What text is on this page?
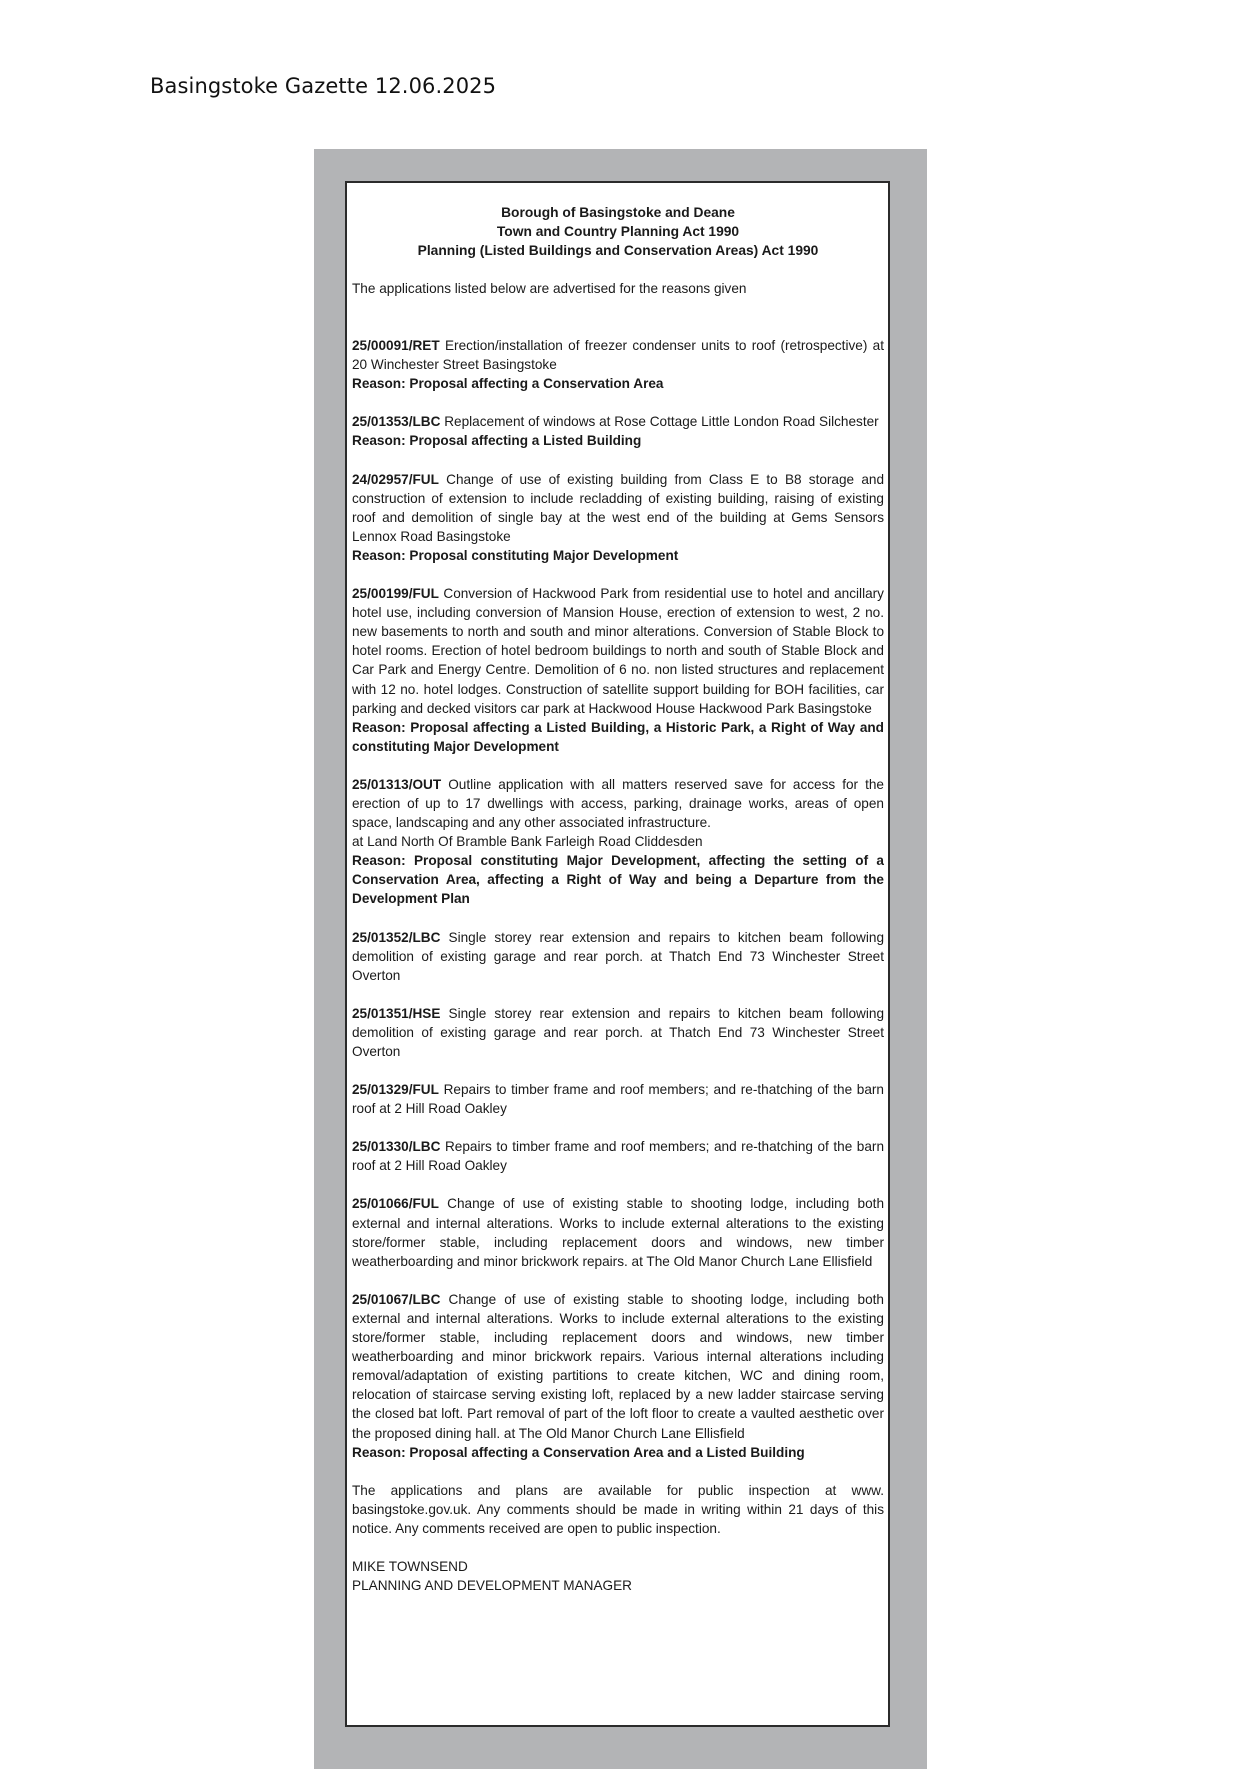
Basingstoke Gazette 12.06.2025
Borough of Basingstoke and Deane
Town and Country Planning Act 1990
Planning (Listed Buildings and Conservation Areas) Act 1990
The applications listed below are advertised for the reasons given
25/00091/RET Erection/installation of freezer condenser units to roof (retrospective) at 20 Winchester Street Basingstoke
Reason: Proposal affecting a Conservation Area
25/01353/LBC Replacement of windows at Rose Cottage Little London Road Silchester
Reason: Proposal affecting a Listed Building
24/02957/FUL Change of use of existing building from Class E to B8 storage and construction of extension to include recladding of existing building, raising of existing roof and demolition of single bay at the west end of the building at Gems Sensors Lennox Road Basingstoke
Reason: Proposal constituting Major Development
25/00199/FUL Conversion of Hackwood Park from residential use to hotel and ancillary hotel use, including conversion of Mansion House, erection of extension to west, 2 no. new basements to north and south and minor alterations. Conversion of Stable Block to hotel rooms. Erection of hotel bedroom buildings to north and south of Stable Block and Car Park and Energy Centre. Demolition of 6 no. non listed structures and replacement with 12 no. hotel lodges. Construction of satellite support building for BOH facilities, car parking and decked visitors car park at Hackwood House Hackwood Park Basingstoke
Reason: Proposal affecting a Listed Building, a Historic Park, a Right of Way and constituting Major Development
25/01313/OUT Outline application with all matters reserved save for access for the erection of up to 17 dwellings with access, parking, drainage works, areas of open space, landscaping and any other associated infrastructure.
at Land North Of Bramble Bank Farleigh Road Cliddesden
Reason: Proposal constituting Major Development, affecting the setting of a Conservation Area, affecting a Right of Way and being a Departure from the Development Plan
25/01352/LBC Single storey rear extension and repairs to kitchen beam following demolition of existing garage and rear porch. at Thatch End 73 Winchester Street Overton
25/01351/HSE Single storey rear extension and repairs to kitchen beam following demolition of existing garage and rear porch. at Thatch End 73 Winchester Street Overton
25/01329/FUL Repairs to timber frame and roof members; and re-thatching of the barn roof at 2 Hill Road Oakley
25/01330/LBC Repairs to timber frame and roof members; and re-thatching of the barn roof at 2 Hill Road Oakley
25/01066/FUL Change of use of existing stable to shooting lodge, including both external and internal alterations. Works to include external alterations to the existing store/former stable, including replacement doors and windows, new timber weatherboarding and minor brickwork repairs. at The Old Manor Church Lane Ellisfield
25/01067/LBC Change of use of existing stable to shooting lodge, including both external and internal alterations. Works to include external alterations to the existing store/former stable, including replacement doors and windows, new timber weatherboarding and minor brickwork repairs. Various internal alterations including removal/adaptation of existing partitions to create kitchen, WC and dining room, relocation of staircase serving existing loft, replaced by a new ladder staircase serving the closed bat loft. Part removal of part of the loft floor to create a vaulted aesthetic over the proposed dining hall. at The Old Manor Church Lane Ellisfield
Reason: Proposal affecting a Conservation Area and a Listed Building
The applications and plans are available for public inspection at www. basingstoke.gov.uk. Any comments should be made in writing within 21 days of this notice. Any comments received are open to public inspection.
MIKE TOWNSEND
PLANNING AND DEVELOPMENT MANAGER
